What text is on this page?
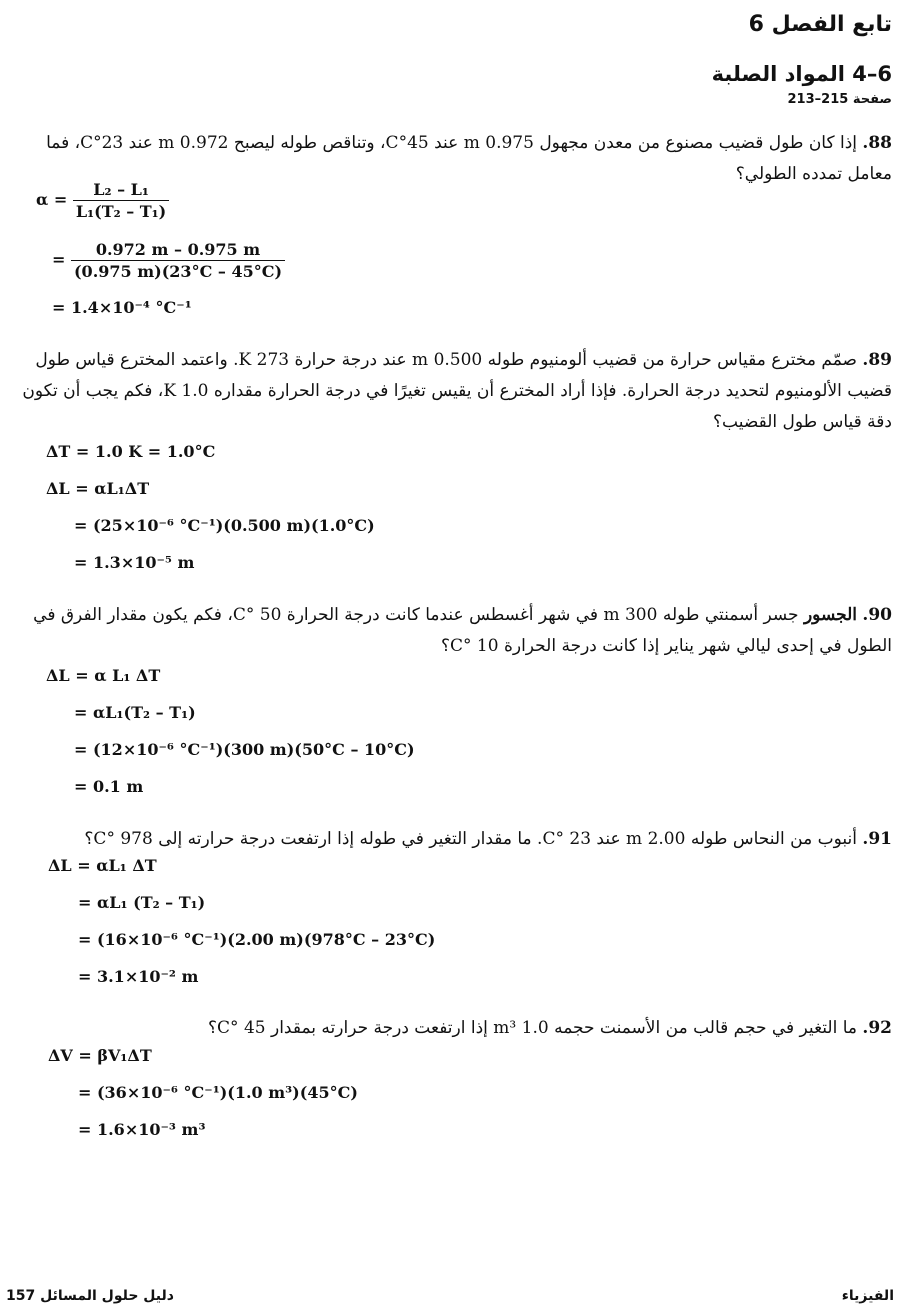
تابع الفصل 6
6–4 المواد الصلبة
صفحة 215–213
88. إذا كان طول قضيب مصنوع من معدن مجهول 0.975 m عند 45°C، وتناقص طوله ليصبح 0.972 m عند 23°C، فما معامل تمدده الطولي؟
$\alpha = \frac{\text{L₂ – L₁}}{\text{L₁(T₂ – T₁)}}$
= $\frac{0.972 m - 0.975 m}{(0.975 m)(23^\circ C - 45^\circ C)}$
= 1.4×10⁻⁴ °C⁻¹
89. صمّم مخترع مقياس حرارة من قضيب ألومنيوم طوله 0.500 m عند درجة حرارة 273 K. واعتمد المخترع قياس طول قضيب الألومنيوم لتحديد درجة الحرارة. فإذا أراد المخترع أن يقيس تغيرًا في درجة الحرارة مقداره 1.0 K، فكم يجب أن تكون دقة قياس طول القضيب؟
ΔT = 1.0 K = 1.0°C
ΔL = αL₁ΔT
= (25×10⁻⁶ °C⁻¹)(0.500 m)(1.0°C)
= 1.3×10⁻⁵ m
90. الجسور جسر أسمنتي طوله 300 m في شهر أغسطس عندما كانت درجة الحرارة 50 °C، فكم يكون مقدار الفرق في الطول في إحدى ليالي شهر يناير إذا كانت درجة الحرارة 10 °C؟
ΔL = α L₁ ΔT
= αL₁(T₂ – T₁)
= (12×10⁻⁶ °C⁻¹)(300 m)(50°C – 10°C)
= 0.1 m
91. أنبوب من النحاس طوله 2.00 m عند 23 °C. ما مقدار التغير في طوله إذا ارتفعت درجة حرارته إلى 978 °C؟
ΔL = αL₁ ΔT
= αL₁ (T₂ – T₁)
= (16×10⁻⁶ °C⁻¹)(2.00 m)(978°C – 23°C)
= 3.1×10⁻² m
92. ما التغير في حجم قالب من الأسمنت حجمه 1.0 m³ إذا ارتفعت درجة حرارته بمقدار 45 °C؟
ΔV = βV₁ΔT
= (36×10⁻⁶ °C⁻¹)(1.0 m³)(45°C)
= 1.6×10⁻³ m³
157 دليل حلول المسائل	الفيزياء
